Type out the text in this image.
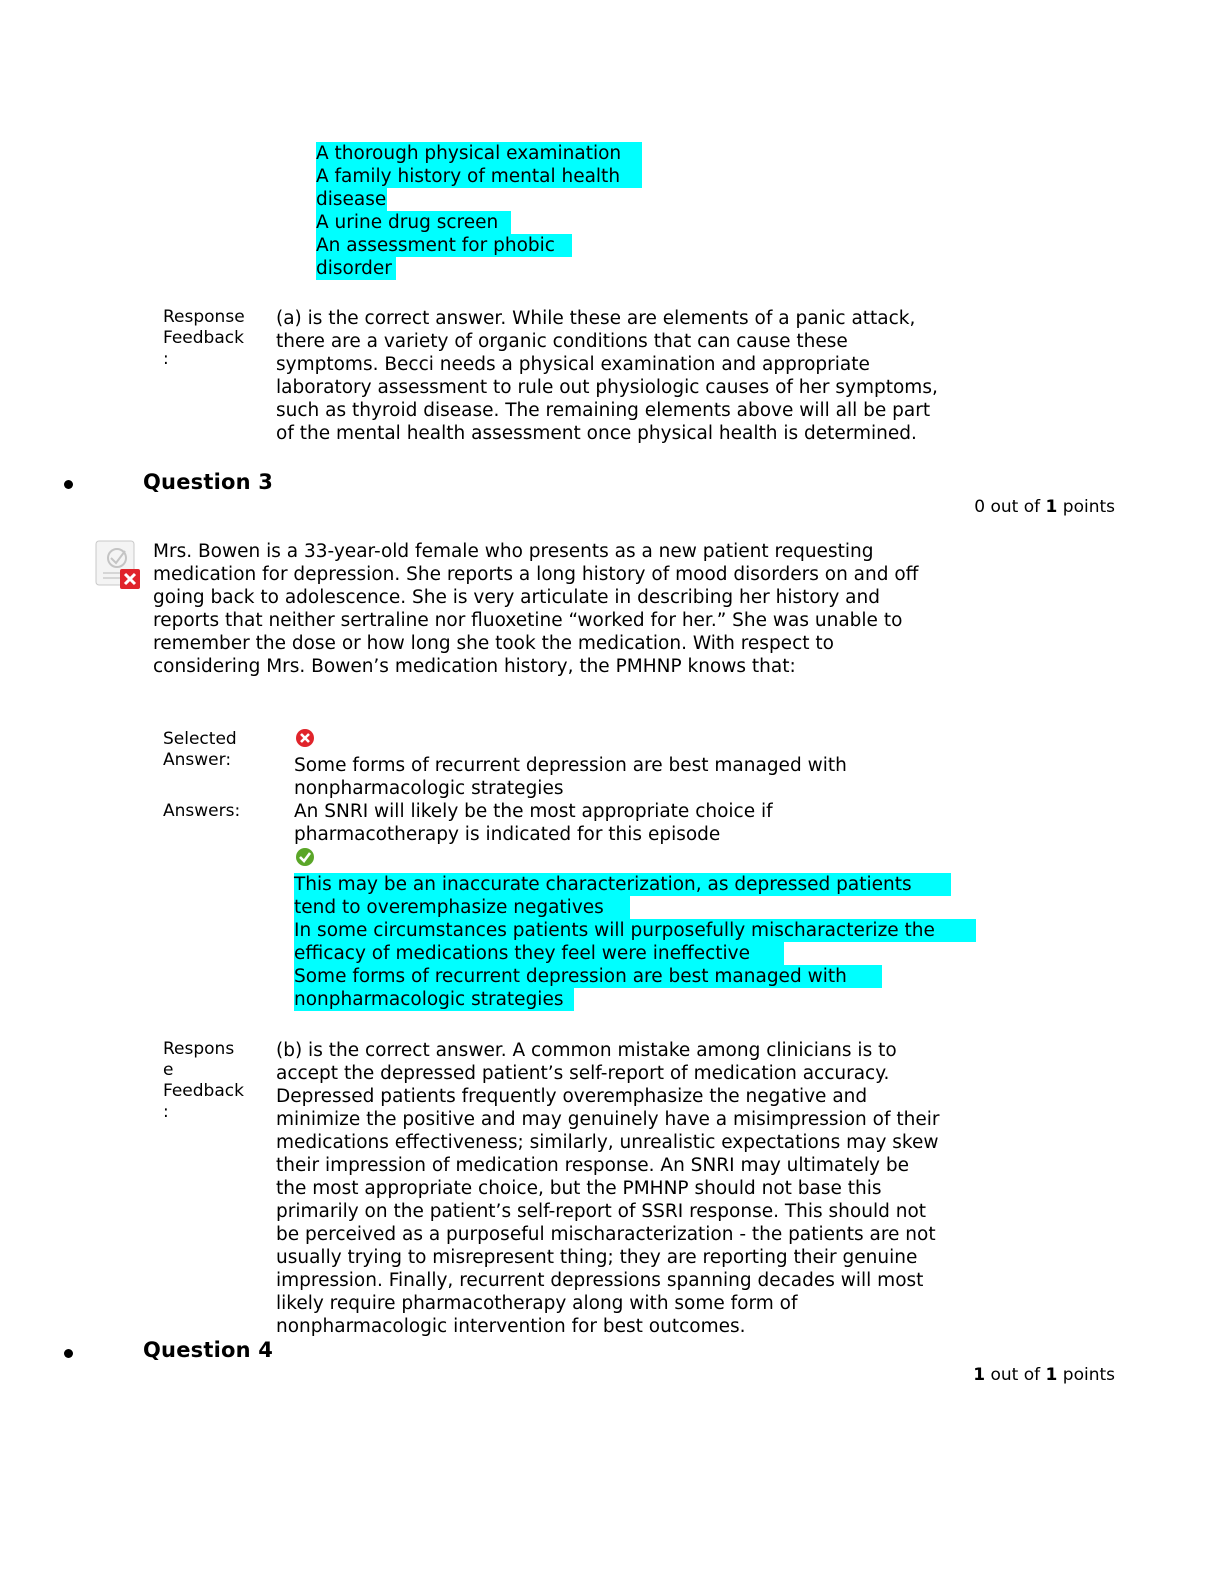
A thorough physical examination
A family history of mental health
disease
A urine drug screen
An assessment for phobic
disorder
Response
Feedback
:
(a) is the correct answer. While these are elements of a panic attack,
there are a variety of organic conditions that can cause these
symptoms. Becci needs a physical examination and appropriate
laboratory assessment to rule out physiologic causes of her symptoms,
such as thyroid disease. The remaining elements above will all be part
of the mental health assessment once physical health is determined.
Question 3
0 out of 1 points
Mrs. Bowen is a 33-year-old female who presents as a new patient requesting
medication for depression. She reports a long history of mood disorders on and off
going back to adolescence. She is very articulate in describing her history and
reports that neither sertraline nor fluoxetine “worked for her.” She was unable to
remember the dose or how long she took the medication. With respect to
considering Mrs. Bowen’s medication history, the PMHNP knows that:
Selected
Answer:	Some forms of recurrent depression are best managed with
nonpharmacologic strategies
Answers:	An SNRI will likely be the most appropriate choice if
pharmacotherapy is indicated for this episode
This may be an inaccurate characterization, as depressed patients
tend to overemphasize negatives
In some circumstances patients will purposefully mischaracterize the
efficacy of medications they feel were ineffective
Some forms of recurrent depression are best managed with
nonpharmacologic strategies
Respons
e
Feedback
:
(b) is the correct answer. A common mistake among clinicians is to
accept the depressed patient’s self-report of medication accuracy.
Depressed patients frequently overemphasize the negative and
minimize the positive and may genuinely have a misimpression of their
medications effectiveness; similarly, unrealistic expectations may skew
their impression of medication response. An SNRI may ultimately be
the most appropriate choice, but the PMHNP should not base this
primarily on the patient’s self-report of SSRI response. This should not
be perceived as a purposeful mischaracterization - the patients are not
usually trying to misrepresent thing; they are reporting their genuine
impression. Finally, recurrent depressions spanning decades will most
likely require pharmacotherapy along with some form of
nonpharmacologic intervention for best outcomes.
Question 4
1 out of 1 points
